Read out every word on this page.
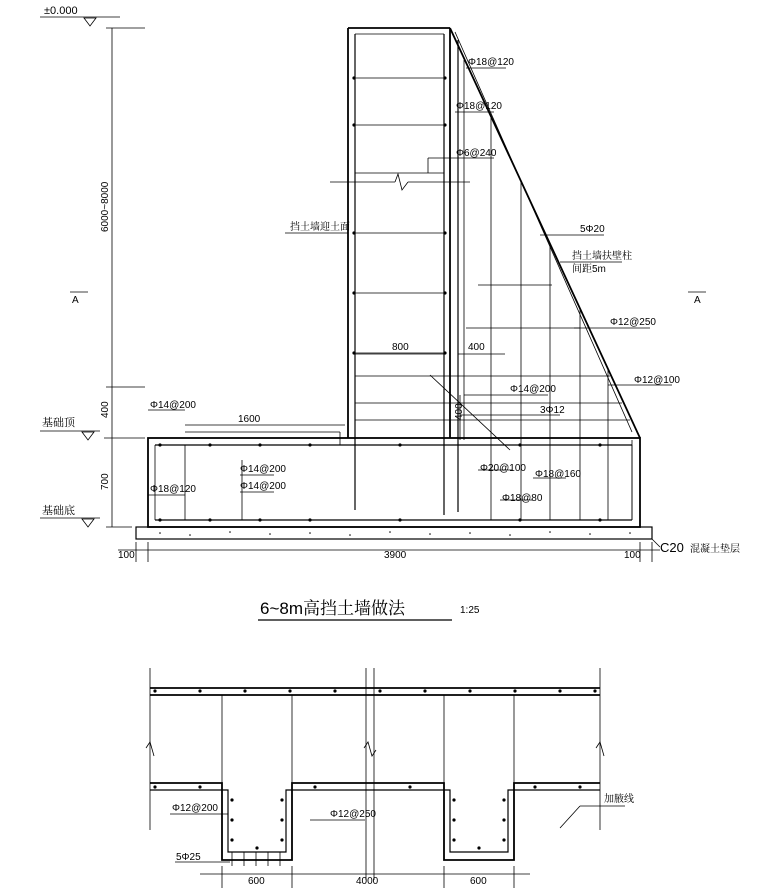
±0.000
6000~8000
400
700
基础顶
基础底
A	A
Φ18@120
Φ18@120
Φ6@240
5Φ20
挡土墙扶壁柱
间距5m
Φ12@250
Φ12@100
Φ14@200
3Φ12
挡土墙迎土面
Φ14@200
Φ14@200
Φ14@200
Φ18@120
Φ20@100
Φ18@160
Φ18@80
800	400
1600	400
C20 混凝土垫层
100	3900	100
6~8m高挡土墙做法	1:25
Φ12@200
Φ12@250
5Φ25
加腋线
600	4000	600
